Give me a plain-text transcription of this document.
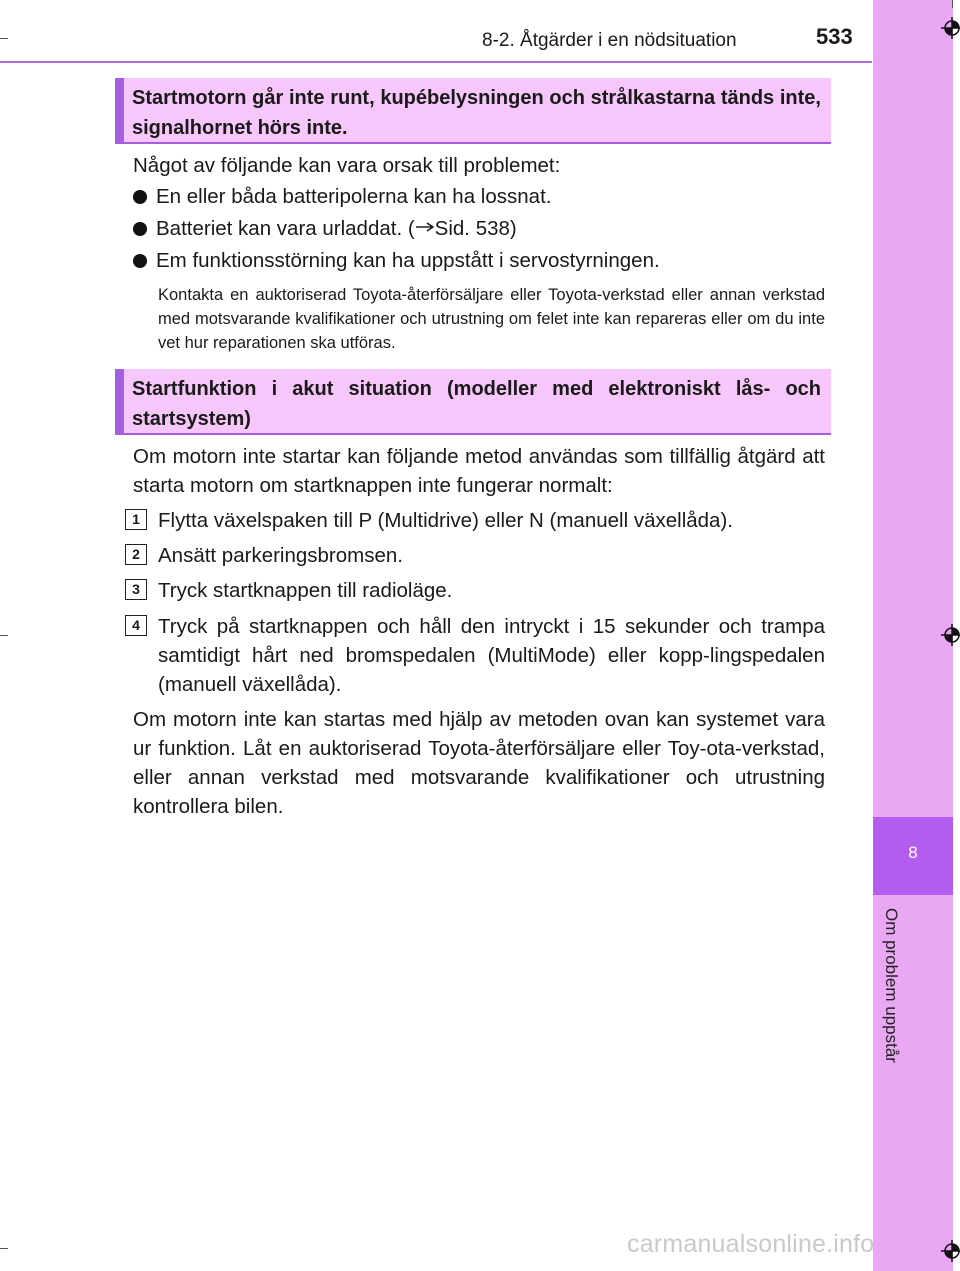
8
Om problem uppstår
8-2. Åtgärder i en nödsituation	533
Startmotorn går inte runt, kupébelysningen och strålkastarna tänds inte, signalhornet hörs inte.
Något av följande kan vara orsak till problemet:
En eller båda batteripolerna kan ha lossnat.
Batteriet kan vara urladdat. ( Sid. 538)
Em funktionsstörning kan ha uppstått i servostyrningen.
Kontakta en auktoriserad Toyota-återförsäljare eller Toyota-verkstad eller annan verkstad med motsvarande kvalifikationer och utrustning om felet inte kan repareras eller om du inte vet hur reparationen ska utföras.
Startfunktion i akut situation (modeller med elektroniskt lås- och startsystem)
Om motorn inte startar kan följande metod användas som tillfällig åtgärd att starta motorn om startknappen inte fungerar normalt:
1 Flytta växelspaken till P (Multidrive) eller N (manuell växellåda).
2 Ansätt parkeringsbromsen.
3 Tryck startknappen till radioläge.
4 Tryck på startknappen och håll den intryckt i 15 sekunder och trampa samtidigt hårt ned bromspedalen (MultiMode) eller kopp-lingspedalen (manuell växellåda).
Om motorn inte kan startas med hjälp av metoden ovan kan systemet vara ur funktion. Låt en auktoriserad Toyota-återförsäljare eller Toy-ota-verkstad, eller annan verkstad med motsvarande kvalifikationer och utrustning kontrollera bilen.
carmanualsonline.info
